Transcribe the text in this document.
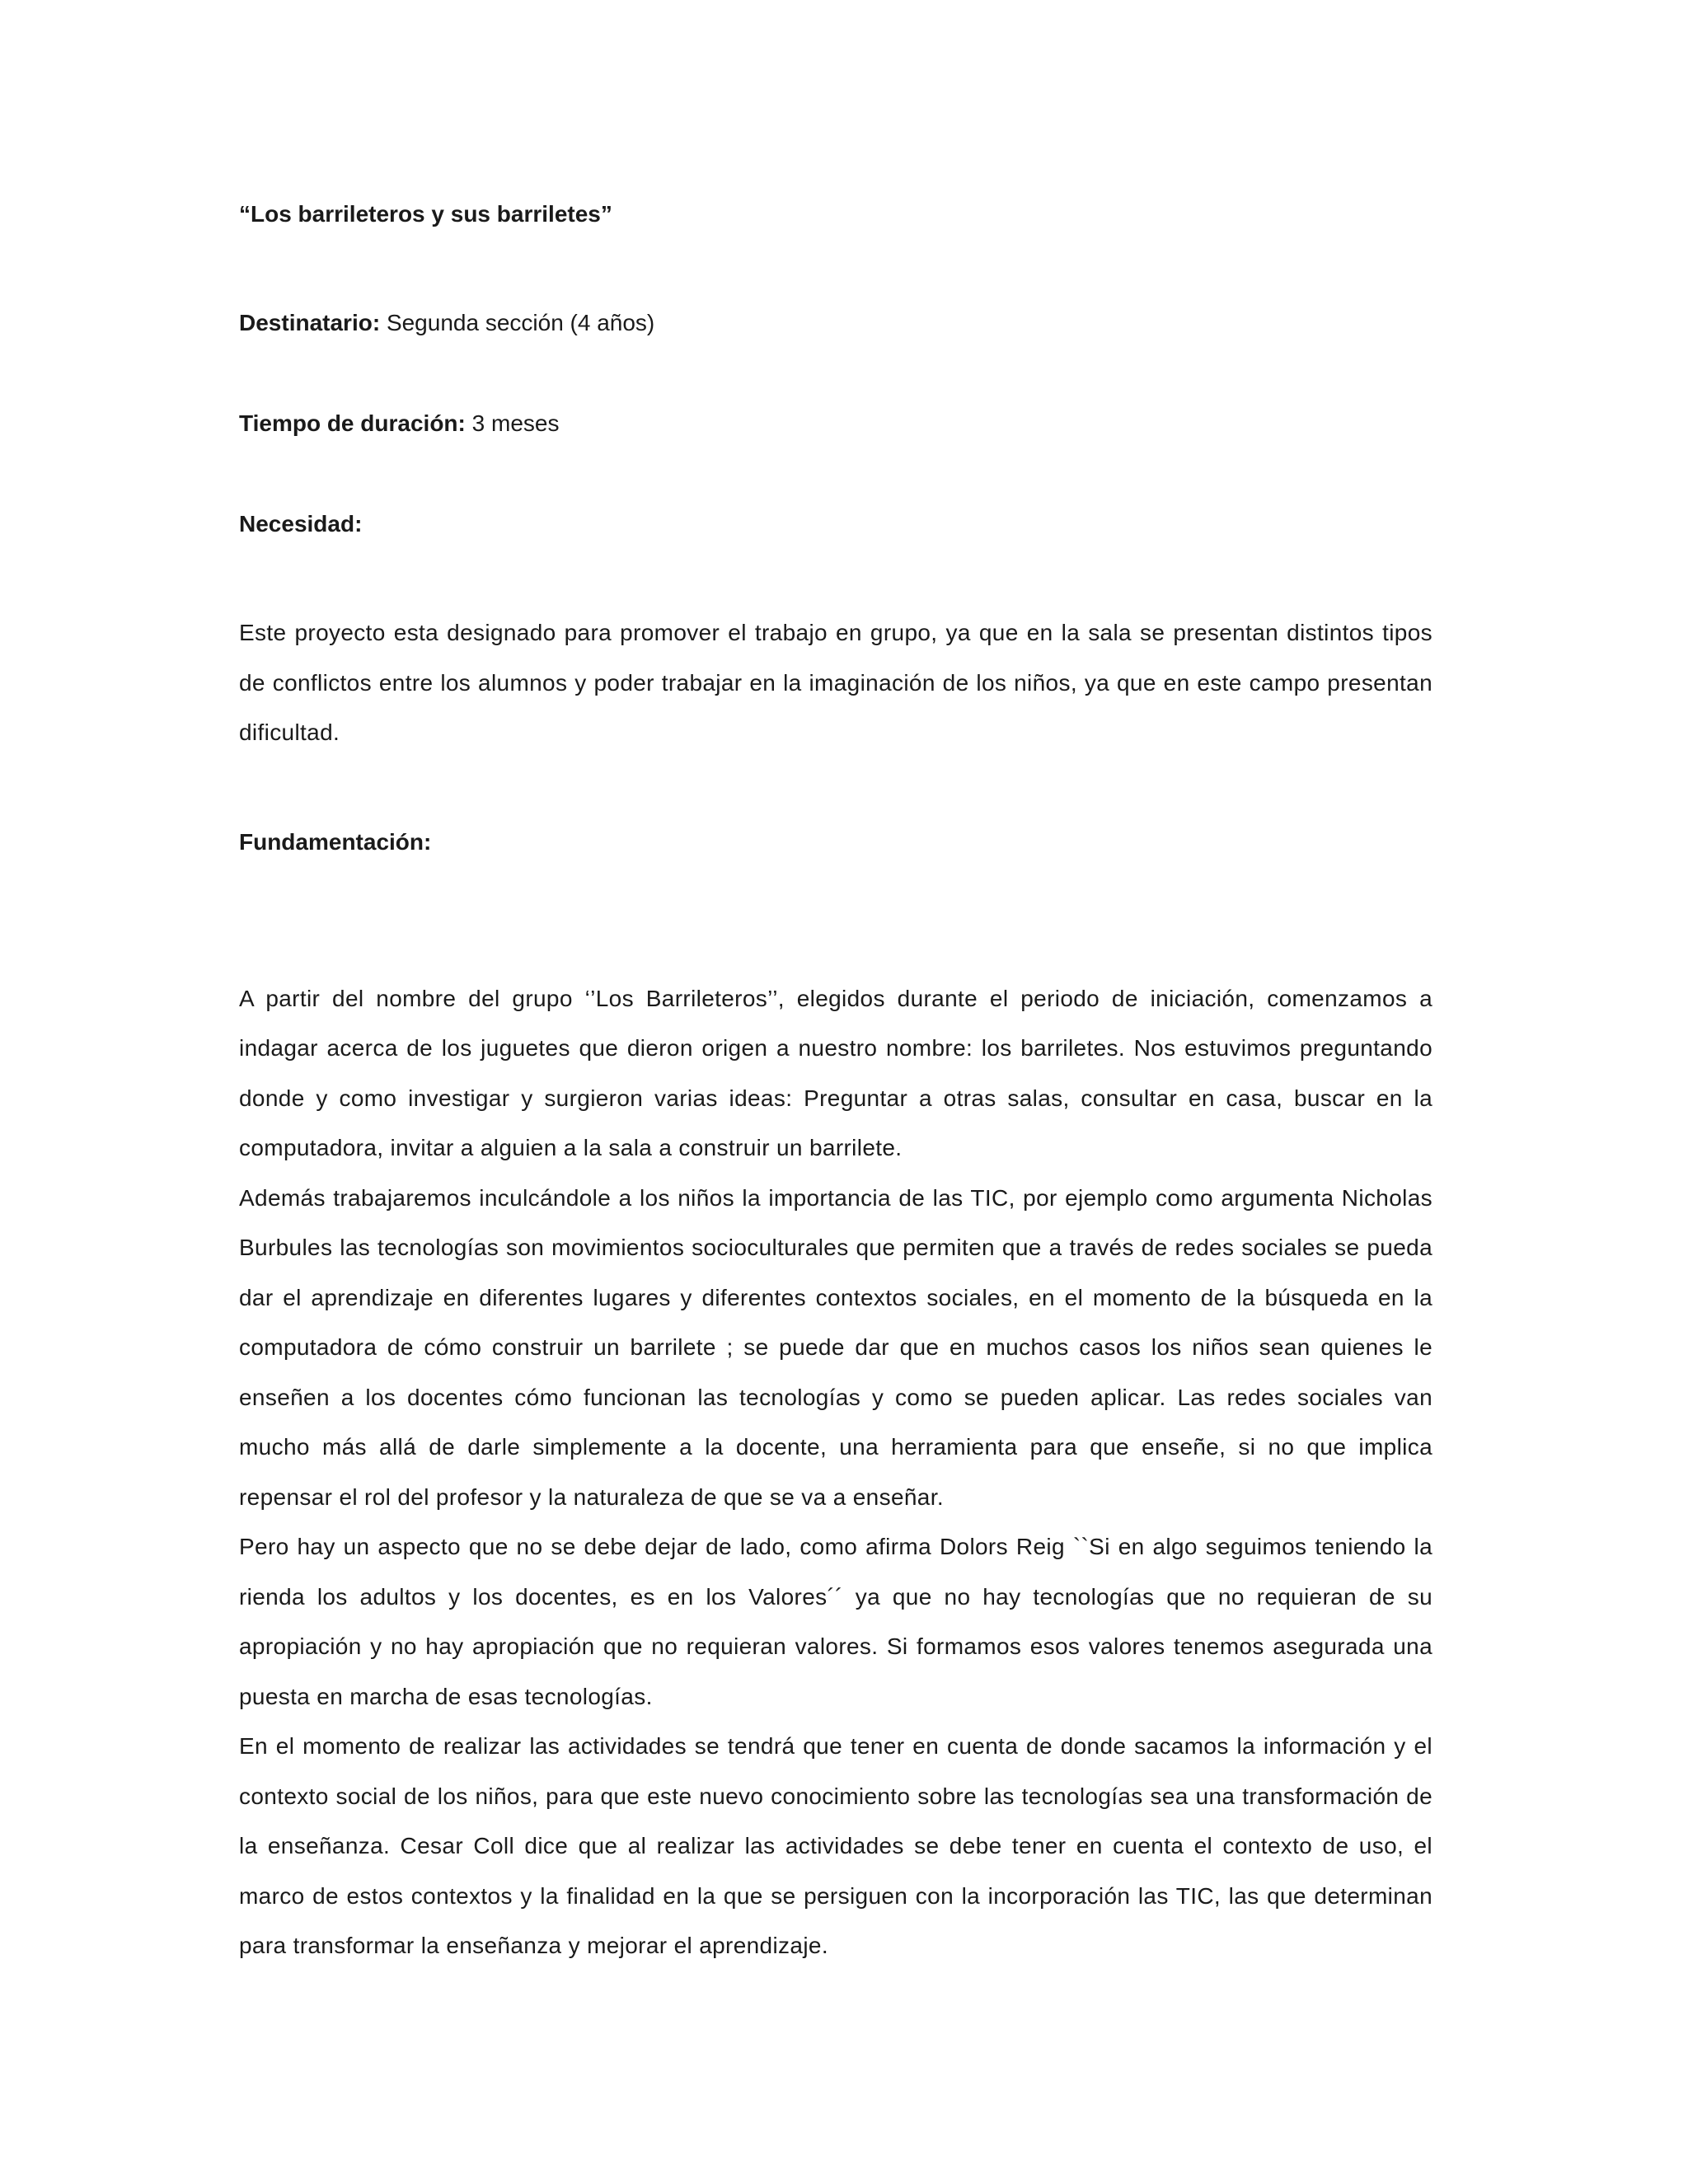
“Los barrileteros y sus barriletes”

Destinatario: Segunda sección (4 años)

Tiempo de duración: 3 meses

Necesidad:

Este proyecto esta designado para promover el trabajo en grupo, ya que en la sala se presentan distintos tipos de conflictos entre los alumnos y poder trabajar en la imaginación de los niños, ya que en este campo presentan dificultad.

Fundamentación:

A partir del nombre del grupo ‘’Los Barrileteros’’, elegidos durante el periodo de iniciación, comenzamos a indagar acerca de los juguetes que dieron origen a nuestro nombre: los barriletes. Nos estuvimos preguntando donde y como investigar y surgieron varias ideas: Preguntar a otras salas, consultar en casa, buscar en la computadora, invitar a alguien a la sala a construir un barrilete.

Además trabajaremos inculcándole a los niños la importancia de las TIC, por ejemplo como argumenta Nicholas Burbules las tecnologías son movimientos socioculturales que permiten que a través de redes sociales se pueda dar el aprendizaje en diferentes lugares y diferentes contextos sociales, en el momento de la búsqueda en la computadora de cómo construir un barrilete ; se puede dar que en muchos casos los niños sean quienes le enseñen a los docentes cómo funcionan las tecnologías y como se pueden aplicar. Las redes sociales van mucho más allá de darle simplemente a la docente, una herramienta para que enseñe, si no que implica repensar el rol del profesor y la naturaleza de que se va a enseñar.

Pero hay un aspecto que no se debe dejar de lado, como afirma Dolors Reig ``Si en algo seguimos teniendo la rienda los adultos y los docentes, es en los Valores´´ ya que no hay tecnologías que no requieran de su apropiación y no hay apropiación que no requieran valores. Si formamos esos valores tenemos asegurada una puesta en marcha de esas tecnologías.

En el momento de realizar las actividades se tendrá que tener en cuenta de donde sacamos la información y el contexto social de los niños, para que este nuevo conocimiento sobre las tecnologías sea una transformación de la enseñanza. Cesar Coll dice que al realizar las actividades se debe tener en cuenta el contexto de uso, el marco de estos contextos y la finalidad en la que se persiguen con la incorporación las TIC, las que determinan para transformar la enseñanza y mejorar el aprendizaje.
